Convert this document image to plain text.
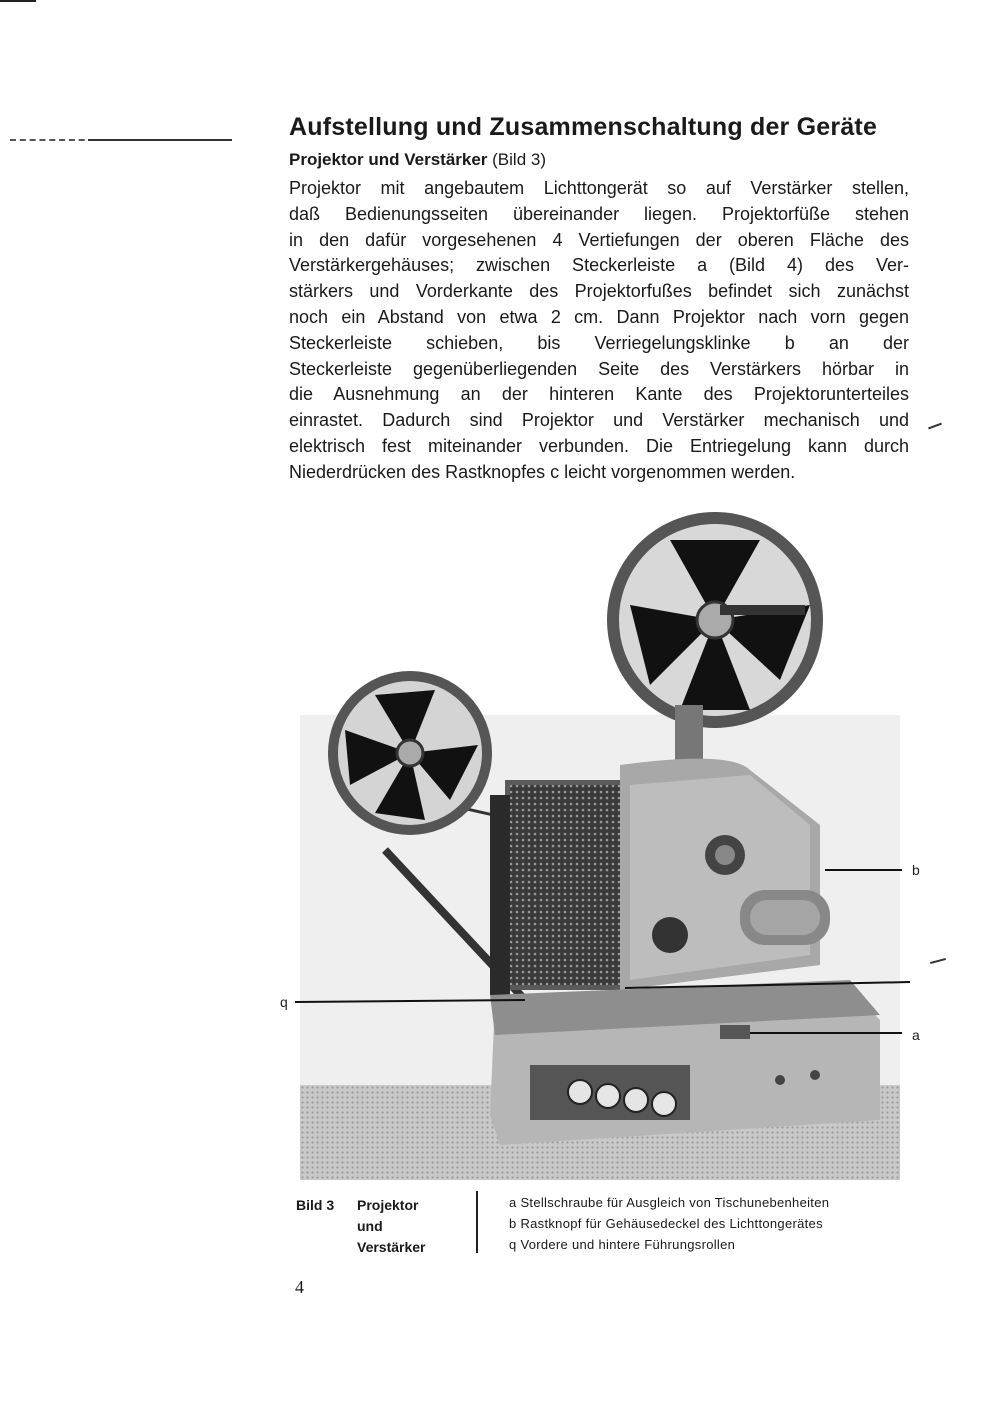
Aufstellung und Zusammenschaltung der Geräte
Projektor und Verstärker (Bild 3)
Projektor mit angebautem Lichttongerät so auf Verstärker stellen,
daß Bedienungsseiten übereinander liegen. Projektorfüße stehen
in den dafür vorgesehenen 4 Vertiefungen der oberen Fläche des
Verstärkergehäuses; zwischen Steckerleiste a (Bild 4) des Ver-
stärkers und Vorderkante des Projektorfußes befindet sich zunächst
noch ein Abstand von etwa 2 cm. Dann Projektor nach vorn gegen
Steckerleiste schieben, bis Verriegelungsklinke b an der
Steckerleiste gegenüberliegenden Seite des Verstärkers hörbar in
die Ausnehmung an der hinteren Kante des Projektorunterteiles
einrastet. Dadurch sind Projektor und Verstärker mechanisch und
elektrisch fest miteinander verbunden. Die Entriegelung kann durch
Niederdrücken des Rastknopfes c leicht vorgenommen werden.
b
a
q
Bild 3 Projektor
und
Verstärker
a Stellschraube für Ausgleich von Tischunebenheiten
b Rastknopf für Gehäusedeckel des Lichttongerätes
q Vordere und hintere Führungsrollen
4
